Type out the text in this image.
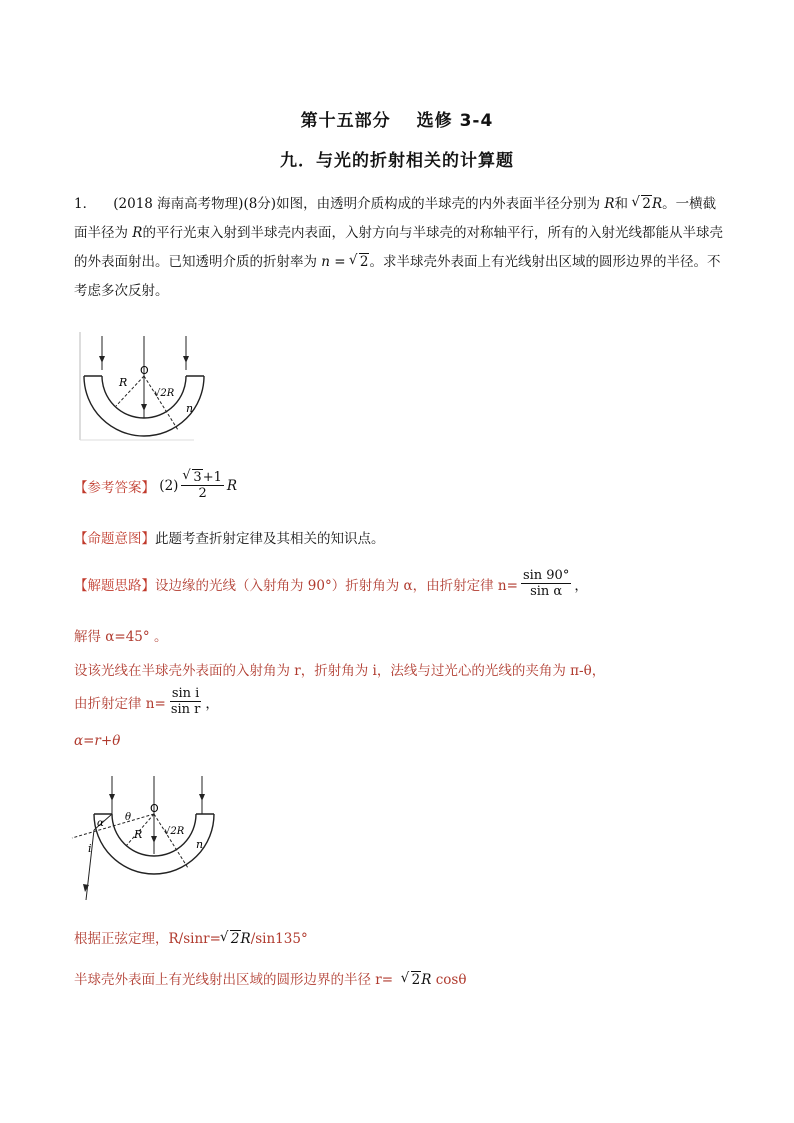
第十五部分 选修 3-4
九．与光的折射相关的计算题
1． (2018 海南高考物理)(8分)如图，由透明介质构成的半球壳的内外表面半径分别为 R和 √ 2R。一横截面半径为 R的平行光束入射到半球壳内表面，入射方向与半球壳的对称轴平行，所有的入射光线都能从半球壳的外表面射出。已知透明介质的折射率为 n = √ 2。求半球壳外表面上有光线射出区域的圆形边界的半径。不考虑多次反射。
O
R
√2R
n
【参考答案】
(2) √ $\frac{3+1}{2}$ R
【命题意图】此题考查折射定律及其相关的知识点。
【解题思路】 设边缘的光线（入射角为 90°）折射角为 α，由折射定律 $n= \frac{\sin 90^\circ}{\text{sin α}}$ ，
解得 α=45° 。
设该光线在半球壳外表面的入射角为 r，折射角为 i，法线与过光心的光线的夹角为 π-θ，
由折射定律 $n= \frac{\text{sin i}}{\text{sin r}}$ ，
α=r+θ
O
R √2R
n
α
θ
i
根据正弦定理，R/sinr= √ 2R/sin135°
半球壳外表面上有光线射出区域的圆形边界的半径 r= √ 2R cosθ
